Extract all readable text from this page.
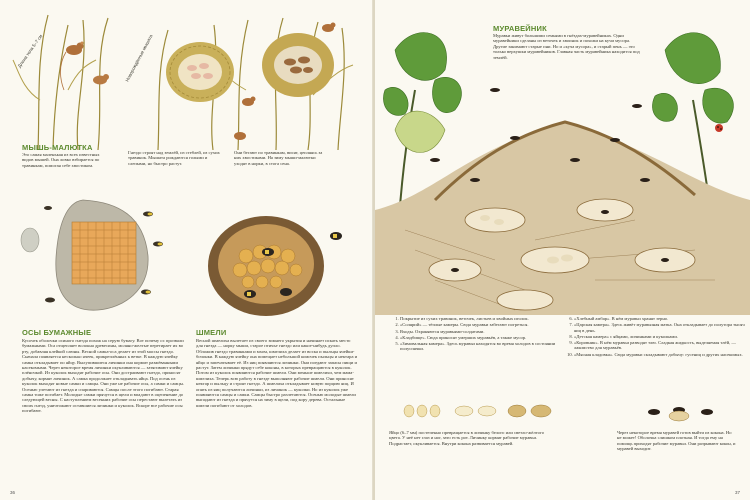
Длина тела 5–7 см	Новорождённые мышата
МЫШЬ-МАЛЮТКА
Это самая маленькая из всех известных видов мышей. Она ловко взбирается по травинкам, помогая себе хвостиком.
Гнездо строят над землёй, из стеблей, из сухих травинок. Мышата рождаются голыми и слепыми, но быстро растут.
Они бегают по травинкам, висят, цепляясь за них хвостиками. На зиму мыши-малютки уходят в норки, в стога сена.
ОСЫ БУМАЖНЫЕ
Кусочек оболочки осиного гнезда похож на серую бумагу. Вот почему ос прозвали бумажными. Оса отщепляет волокна древесины, моляно-желтые перетирает их во рту, добавляя клейкой слюны. Весной самка-оса делает из этой массы гнездо. Сначала появляется несколько ячеек, прикреплённых к ветке. В каждую ячейку самка откладывает по яйцу. Вылупившиеся личинки она кормит разжёванными насекомыми. Через некоторое время личинки окукливаются — затягивают ячейку плёночкой. Из куколок выходят рабочие осы. Они достраивают гнездо, приносят добычу, кормят личинок. А самка продолжает откладывать яйца. Под осень из куколок выходят новые самки и самцы. Они уже не рабочие осы, а самки и самцы. Осенью улетают из гнезда и спариваются. Самцы после этого погибают. Старая самка тоже погибает. Молодые самки прячутся в щели и впадают в оцепенение до следующей весны. С наступлением весенних рабочие осы перестают вылетать из своих гнезд, уничтожают оставшиеся личинки и куколок. Вскоре все рабочие осы погибают.
ШМЕЛИ
Весной шмелиха вылетает из своего зимнего укрытия и начинает искать место для гнезда — норку мыши, старое птичье гнездо или какое-нибудь дупло. Обложив гнездо травинками и мхом, шмелиха делает из воска и пыльцы ячейки-бочонки. В каждую ячейку она помещает небольшой комочек пыльцы и нектара и яйцо и запечатывает её. Из яиц появляются личинки. Они поедают запасы пищи и растут. Затем личинки прядут себе коконы, в которых превращаются в куколок. Потом из куколок появляются рабочие шмели. Они меньше шмелихи, чем мама-шмелиха. Теперь всю работу в гнезде выполняют рабочие шмели. Они приносят нектар и пыльцу и строят гнездо. А шмелиха откладывает новую порцию яиц. И опять из яиц получаются личинки, из личинок — куколки. Но из куколок уже появляются самцы и самки. Самцы быстро разлетаются. Осенью молодые шмели выпадают из гнезда и прячутся на зиму в щели, под кору дерева. Остальные шмели погибают от холодов.
36
МУРАВЕЙНИК
Муравьи живут большими семьями в гнёздах-муравейниках. Одни муравейники сделаны из веточек и хвоинок и похожи на кучи мусора. Другие занимают старые пни. Но и «куча мусора», и старый пень — это только верхушки муравейников. Главная часть муравейника находится под землёй.
1. Покрытие из сухих травинок, веточек, листьев и хвойных иголок.
2. «Солярий» — тёплые камеры. Сюда муравьи забегают погреться.
3. Входы. Охраняются муравьями-солдатами.
4. «Кладбище». Сюда приносят умерших муравьёв, а также мусор.
5. «Зимовальная камера». Здесь муравьи находятся во время холодов в состоянии полуспячки.
6. «Хлебный амбар». В нём муравьи хранят зерно.
7. «Царская камера». Здесь живёт муравьиная матка. Она откладывает до полутора тысяч яиц в день.
8. «Детская камера» с яйцами, личинками и куколками.
9. «Коровник». В нём муравьи разводят тлю. Сладкая жидкость, выделяемая тлёй, — лакомство для муравьёв.
10. «Мясная кладовка». Сюда муравьи складывают добычу: гусениц и других насекомых.
Яйцо (6–7 мм) постепенно превращается в личинку белого или светло-жёлтого цвета. У неё нет глаз и ног, зато есть рот. Личинку кормят рабочие муравьи. Подрастает, окукливается. Внутри кокона развивается муравей.
Через некоторое время муравей готов выйти из кокона. Но не может! Оболочка слишком плотная. И тогда ему на помощь приходят рабочие муравьи. Они разрывают кокон, и муравей выходит.
37
